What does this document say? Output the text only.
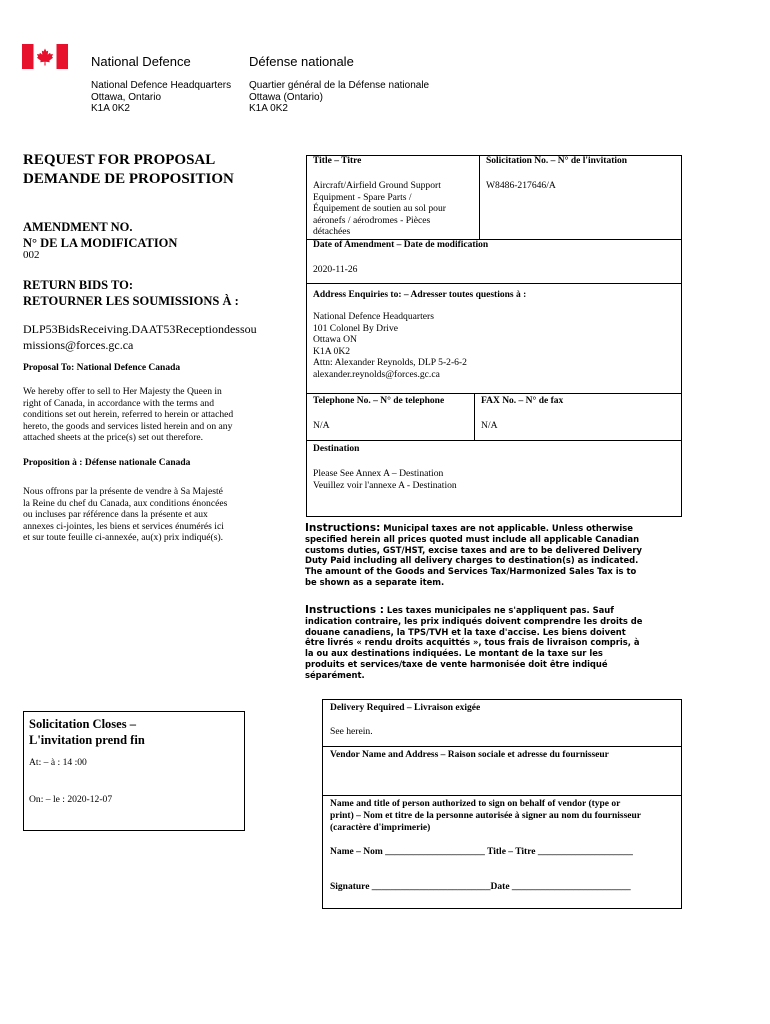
National Defence	Défense nationale
National Defence Headquarters
Ottawa, Ontario
K1A 0K2
Quartier général de la Défense nationale
Ottawa (Ontario)
K1A 0K2
REQUEST FOR PROPOSAL
DEMANDE DE PROPOSITION
AMENDMENT NO.
N° DE LA MODIFICATION
002
RETURN BIDS TO:
RETOURNER LES SOUMISSIONS À :
DLP53BidsReceiving.DAAT53Receptiondessou
missions@forces.gc.ca
Proposal To: National Defence Canada
We hereby offer to sell to Her Majesty the Queen in
right of Canada, in accordance with the terms and
conditions set out herein, referred to herein or attached
hereto, the goods and services listed herein and on any
attached sheets at the price(s) set out therefore.
Proposition à : Défense nationale Canada
Nous offrons par la présente de vendre à Sa Majesté
la Reine du chef du Canada, aux conditions énoncées
ou incluses par référence dans la présente et aux
annexes ci-jointes, les biens et services énumérés ici
et sur toute feuille ci-annexée, au(x) prix indiqué(s).
Title – Titre
Aircraft/Airfield Ground Support
Equipment - Spare Parts /
Équipement de soutien au sol pour
aéronefs / aérodromes - Pièces
détachées
Solicitation No. – N° de l'invitation
W8486-217646/A
Date of Amendment – Date de modification
2020-11-26
Address Enquiries to: – Adresser toutes questions à :
National Defence Headquarters
101 Colonel By Drive
Ottawa ON
K1A 0K2
Attn: Alexander Reynolds, DLP 5-2-6-2
alexander.reynolds@forces.gc.ca
Telephone No. – N° de telephone
N/A
FAX No. – N° de fax
N/A
Destination
Please See Annex A – Destination
Veuillez voir l'annexe A - Destination
Instructions: Municipal taxes are not applicable. Unless otherwise specified herein all prices quoted must include all applicable Canadian customs duties, GST/HST, excise taxes and are to be delivered Delivery Duty Paid including all delivery charges to destination(s) as indicated. The amount of the Goods and Services Tax/Harmonized Sales Tax is to be shown as a separate item.
Instructions : Les taxes municipales ne s'appliquent pas. Sauf indication contraire, les prix indiqués doivent comprendre les droits de douane canadiens, la TPS/TVH et la taxe d'accise. Les biens doivent être livrés « rendu droits acquittés », tous frais de livraison compris, à la ou aux destinations indiquées. Le montant de la taxe sur les produits et services/taxe de vente harmonisée doit être indiqué séparément.
Solicitation Closes –
L'invitation prend fin
At: – à : 14 :00
On: – le : 2020-12-07
Delivery Required – Livraison exigée
See herein.
Vendor Name and Address – Raison sociale et adresse du fournisseur
Name and title of person authorized to sign on behalf of vendor (type or
print) – Nom et titre de la personne autorisée à signer au nom du fournisseur
(caractère d'imprimerie)
Name – Nom _____________________ Title – Titre ____________________
Signature _________________________Date _________________________
